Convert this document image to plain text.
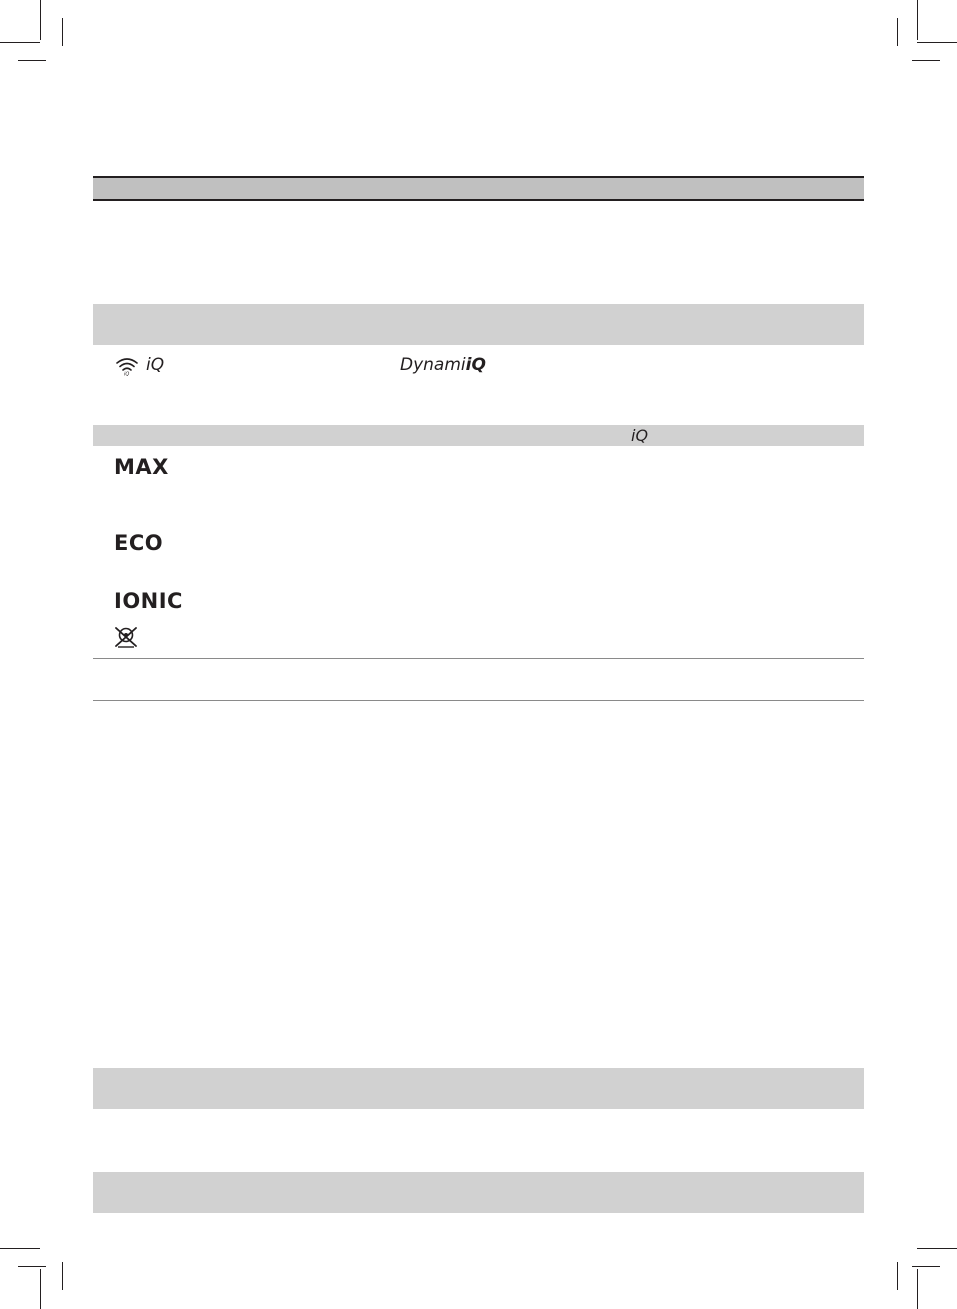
iQ iQ	DynamiiQ
iQ
MAX
ECO
IONIC
